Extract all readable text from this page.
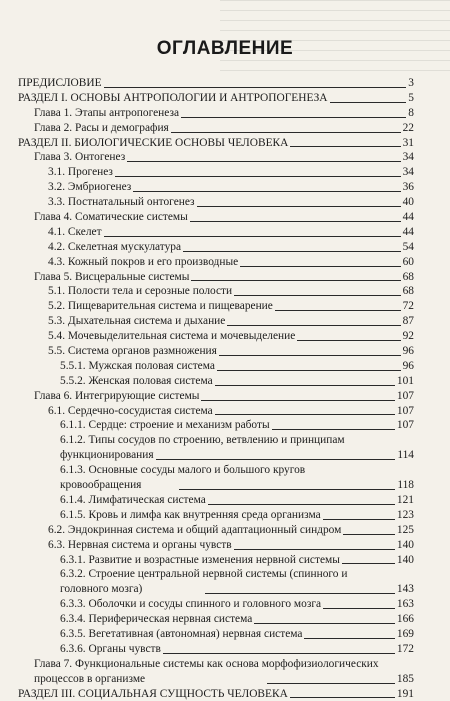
ОГЛАВЛЕНИЕ
ПРЕДИСЛОВИЕ	3
РАЗДЕЛ I. ОСНОВЫ АНТРОПОЛОГИИ И АНТРОПОГЕНЕЗА	5
Глава 1. Этапы антропогенеза	8
Глава 2. Расы и демография	22
РАЗДЕЛ II. БИОЛОГИЧЕСКИЕ ОСНОВЫ ЧЕЛОВЕКА	31
Глава 3. Онтогенез	34
3.1. Прогенез	34
3.2. Эмбриогенез	36
3.3. Постнатальный онтогенез	40
Глава 4. Соматические системы	44
4.1. Скелет	44
4.2. Скелетная мускулатура	54
4.3. Кожный покров и его производные	60
Глава 5. Висцеральные системы	68
5.1. Полости тела и серозные полости	68
5.2. Пищеварительная система и пищеварение	72
5.3. Дыхательная система и дыхание	87
5.4. Мочевыделительная система и мочевыделение	92
5.5. Система органов размножения	96
5.5.1. Мужская половая система	96
5.5.2. Женская половая система	101
Глава 6. Интегрирующие системы	107
6.1. Сердечно-сосудистая система	107
6.1.1. Сердце: строение и механизм работы	107
6.1.2. Типы сосудов по строению, ветвлению и принципам функционирования	114
6.1.3. Основные сосуды малого и большого кругов кровообращения	118
6.1.4. Лимфатическая система	121
6.1.5. Кровь и лимфа как внутренняя среда организма	123
6.2. Эндокринная система и общий адаптационный синдром	125
6.3. Нервная система и органы чувств	140
6.3.1. Развитие и возрастные изменения нервной системы	140
6.3.2. Строение центральной нервной системы (спинного и головного мозга)	143
6.3.3. Оболочки и сосуды спинного и головного мозга	163
6.3.4. Периферическая нервная система	166
6.3.5. Вегетативная (автономная) нервная система	169
6.3.6. Органы чувств	172
Глава 7. Функциональные системы как основа морфофизиологических процессов в организме	185
РАЗДЕЛ III. СОЦИАЛЬНАЯ СУЩНОСТЬ ЧЕЛОВЕКА	191
